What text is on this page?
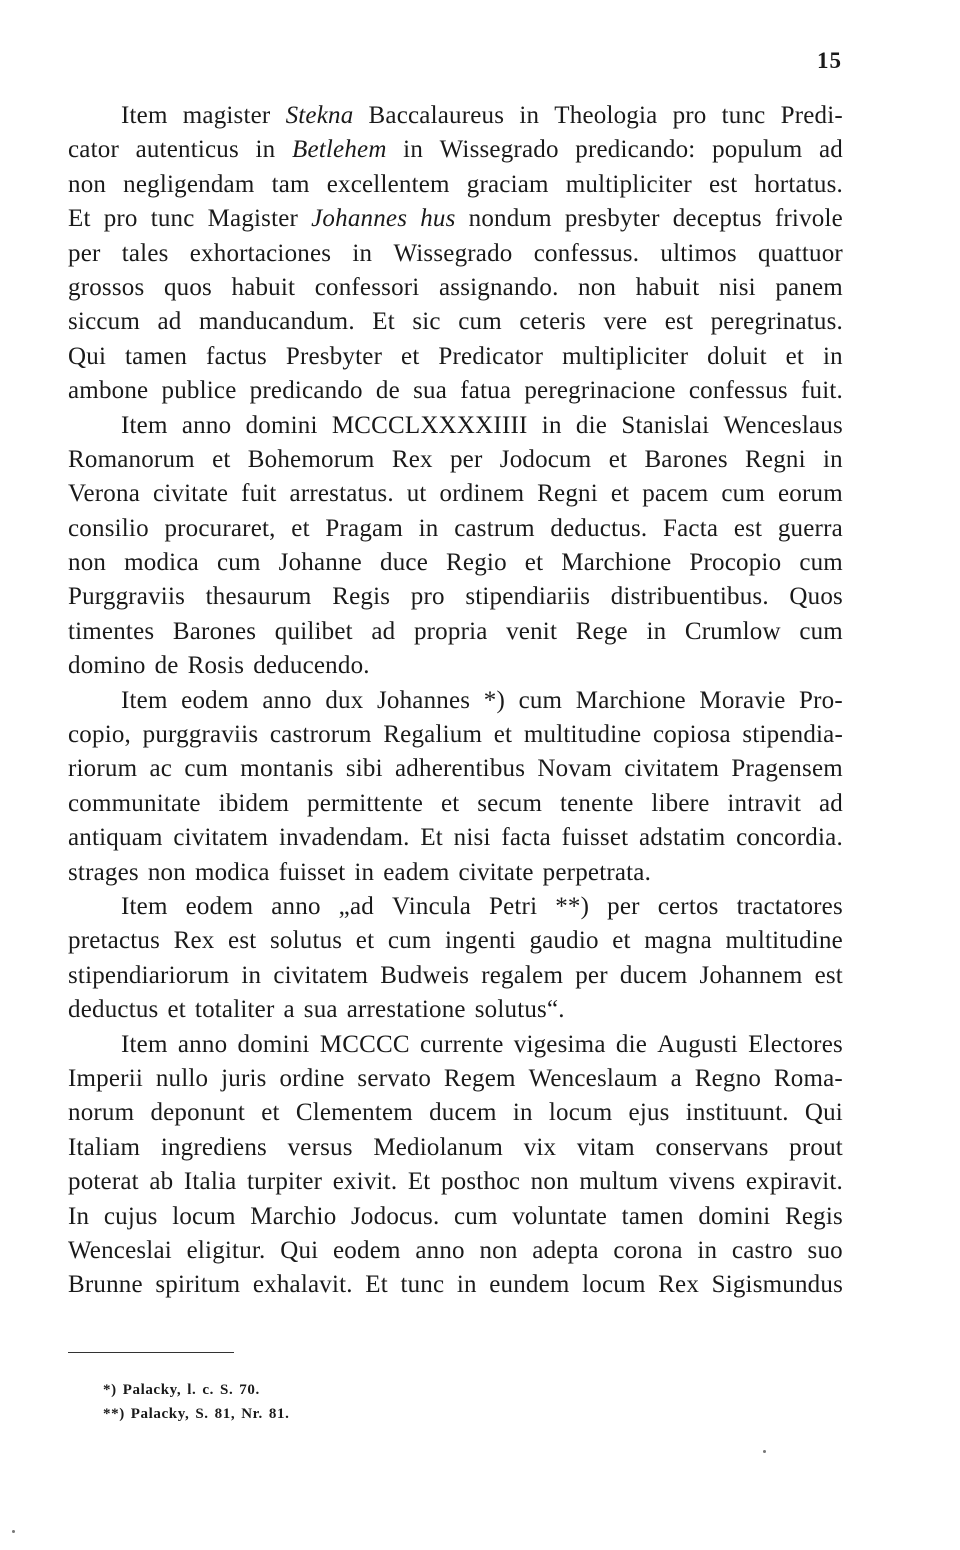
15
Item magister Stekna Baccalaureus in Theologia pro tunc Predi-
cator autenticus in Betlehem in Wissegrado predicando: populum ad
non negligendam tam excellentem graciam multipliciter est hortatus.
Et pro tunc Magister Johannes hus nondum presbyter deceptus frivole
per tales exhortaciones in Wissegrado confessus. ultimos quattuor
grossos quos habuit confessori assignando. non habuit nisi panem
siccum ad manducandum. Et sic cum ceteris vere est peregrinatus.
Qui tamen factus Presbyter et Predicator multipliciter doluit et in
ambone publice predicando de sua fatua peregrinacione confessus fuit.
Item anno domini MCCCLXXXXIIII in die Stanislai Wenceslaus
Romanorum et Bohemorum Rex per Jodocum et Barones Regni in
Verona civitate fuit arrestatus. ut ordinem Regni et pacem cum eorum
consilio procuraret, et Pragam in castrum deductus. Facta est guerra
non modica cum Johanne duce Regio et Marchione Procopio cum
Purggraviis thesaurum Regis pro stipendiariis distribuentibus. Quos
timentes Barones quilibet ad propria venit Rege in Crumlow cum
domino de Rosis deducendo.
Item eodem anno dux Johannes *) cum Marchione Moravie Pro-
copio, purggraviis castrorum Regalium et multitudine copiosa stipendia-
riorum ac cum montanis sibi adherentibus Novam civitatem Pragensem
communitate ibidem permittente et secum tenente libere intravit ad
antiquam civitatem invadendam. Et nisi facta fuisset adstatim concordia.
strages non modica fuisset in eadem civitate perpetrata.
Item eodem anno „ad Vincula Petri **) per certos tractatores
pretactus Rex est solutus et cum ingenti gaudio et magna multitudine
stipendiariorum in civitatem Budweis regalem per ducem Johannem est
deductus et totaliter a sua arrestatione solutus“.
Item anno domini MCCCC currente vigesima die Augusti Electores
Imperii nullo juris ordine servato Regem Wenceslaum a Regno Roma-
norum deponunt et Clementem ducem in locum ejus instituunt. Qui
Italiam ingrediens versus Mediolanum vix vitam conservans prout
poterat ab Italia turpiter exivit. Et posthoc non multum vivens expiravit.
In cujus locum Marchio Jodocus. cum voluntate tamen domini Regis
Wenceslai eligitur. Qui eodem anno non adepta corona in castro suo
Brunne spiritum exhalavit. Et tunc in eundem locum Rex Sigismundus
*) Palacky, l. c. S. 70.
**) Palacky, S. 81, Nr. 81.
